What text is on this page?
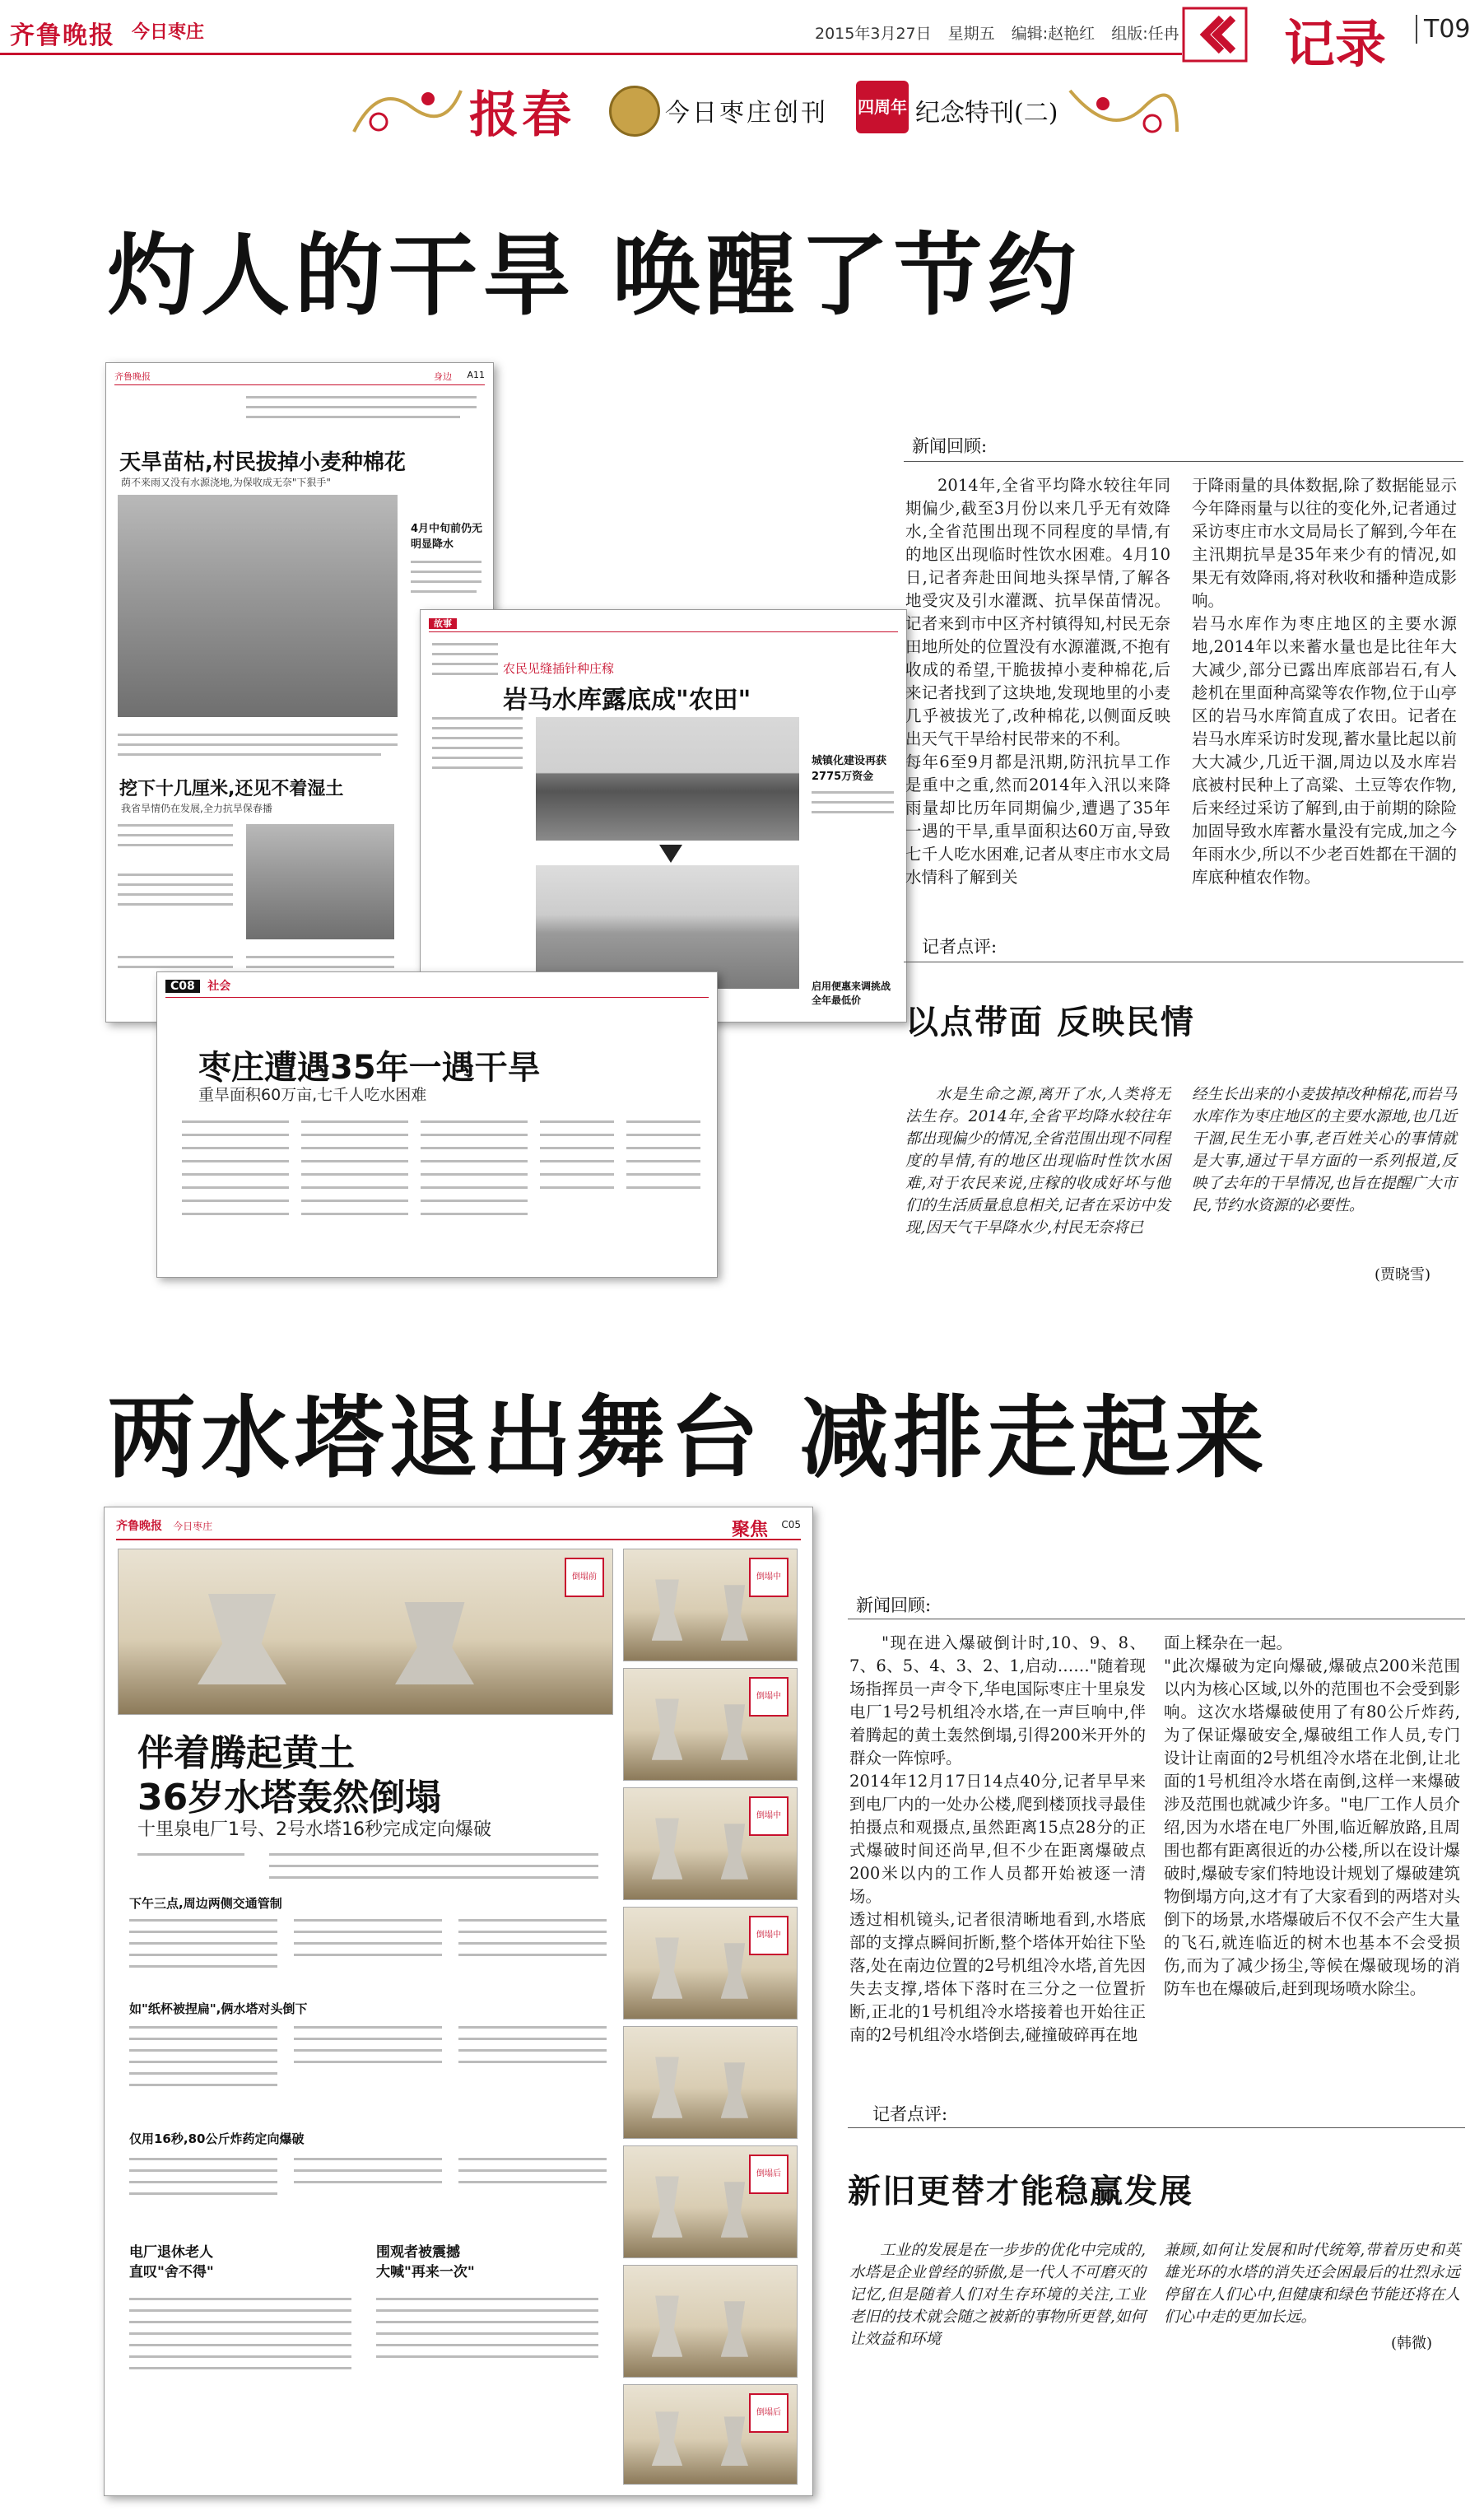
齐鲁晚报 今日枣庄	2015年3月27日 星期五 编辑:赵艳红 组版:任冉 记录	T09
报春	今日枣庄创刊 四周年 纪念特刊(二)
灼人的干旱 唤醒了节约
齐鲁晚报	身边 A11
天旱苗枯,村民拔掉小麦种棉花
荫不来雨又没有水源浇地,为保收成无奈"下狠手"
4月中旬前仍无明显降水
挖下十几厘米,还见不着湿土
我省旱情仍在发展,全力抗旱保春播
故事
农民见缝插针种庄稼
岩马水库露底成"农田"
城镇化建设再获2775万资金
启用便惠来调挑战全年最低价
C08 社会
枣庄遭遇35年一遇干旱
重旱面积60万亩,七千人吃水困难
新闻回顾:
2014年,全省平均降水较往年同期偏少,截至3月份以来几乎无有效降水,全省范围出现不同程度的旱情,有的地区出现临时性饮水困难。4月10日,记者奔赴田间地头探旱情,了解各地受灾及引水灌溉、抗旱保苗情况。记者来到市中区齐村镇得知,村民无奈田地所处的位置没有水源灌溉,不抱有收成的希望,干脆拔掉小麦种棉花,后来记者找到了这块地,发现地里的小麦几乎被拔光了,改种棉花,以侧面反映出天气干旱给村民带来的不利。
每年6至9月都是汛期,防汛抗旱工作是重中之重,然而2014年入汛以来降雨量却比历年同期偏少,遭遇了35年一遇的干旱,重旱面积达60万亩,导致七千人吃水困难,记者从枣庄市水文局水情科了解到关
于降雨量的具体数据,除了数据能显示今年降雨量与以往的变化外,记者通过采访枣庄市水文局局长了解到,今年在主汛期抗旱是35年来少有的情况,如果无有效降雨,将对秋收和播种造成影响。
岩马水库作为枣庄地区的主要水源地,2014年以来蓄水量也是比往年大大减少,部分已露出库底部岩石,有人趁机在里面种高粱等农作物,位于山亭区的岩马水库简直成了农田。记者在岩马水库采访时发现,蓄水量比起以前大大减少,几近干涸,周边以及水库岩底被村民种上了高粱、土豆等农作物,后来经过采访了解到,由于前期的除险加固导致水库蓄水量没有完成,加之今年雨水少,所以不少老百姓都在干涸的库底种植农作物。
记者点评:
以点带面 反映民情
水是生命之源,离开了水,人类将无法生存。2014年,全省平均降水较往年都出现偏少的情况,全省范围出现不同程度的旱情,有的地区出现临时性饮水困难,对于农民来说,庄稼的收成好坏与他们的生活质量息息相关,记者在采访中发现,因天气干旱降水少,村民无奈将已
经生长出来的小麦拔掉改种棉花,而岩马水库作为枣庄地区的主要水源地,也几近干涸,民生无小事,老百姓关心的事情就是大事,通过干旱方面的一系列报道,反映了去年的干旱情况,也旨在提醒广大市民,节约水资源的必要性。
(贾晓雪)
两水塔退出舞台 减排走起来
齐鲁晚报 今日枣庄	聚焦 C05
倒塌前	倒塌中
倒塌中
倒塌中
倒塌中
倒塌后
倒塌后
伴着腾起黄土
36岁水塔轰然倒塌
十里泉电厂1号、2号水塔16秒完成定向爆破
下午三点,周边两侧交通管制
如"纸杯被捏扁",俩水塔对头倒下
仅用16秒,80公斤炸药定向爆破
电厂退休老人
直叹"舍不得"
围观者被震撼
大喊"再来一次"
新闻回顾:
"现在进入爆破倒计时,10、9、8、7、6、5、4、3、2、1,启动……"随着现场指挥员一声令下,华电国际枣庄十里泉发电厂1号2号机组冷水塔,在一声巨响中,伴着腾起的黄土轰然倒塌,引得200米开外的群众一阵惊呼。
2014年12月17日14点40分,记者早早来到电厂内的一处办公楼,爬到楼顶找寻最佳拍摄点和观摄点,虽然距离15点28分的正式爆破时间还尚早,但不少在距离爆破点200米以内的工作人员都开始被逐一清场。
透过相机镜头,记者很清晰地看到,水塔底部的支撑点瞬间折断,整个塔体开始往下坠落,处在南边位置的2号机组冷水塔,首先因失去支撑,塔体下落时在三分之一位置折断,正北的1号机组冷水塔接着也开始往正南的2号机组冷水塔倒去,碰撞破碎再在地
面上糅杂在一起。
"此次爆破为定向爆破,爆破点200米范围以内为核心区域,以外的范围也不会受到影响。这次水塔爆破使用了有80公斤炸药,为了保证爆破安全,爆破组工作人员,专门设计让南面的2号机组冷水塔在北倒,让北面的1号机组冷水塔在南倒,这样一来爆破涉及范围也就减少许多。"电厂工作人员介绍,因为水塔在电厂外围,临近解放路,且周围也都有距离很近的办公楼,所以在设计爆破时,爆破专家们特地设计规划了爆破建筑物倒塌方向,这才有了大家看到的两塔对头倒下的场景,水塔爆破后不仅不会产生大量的飞石,就连临近的树木也基本不会受损伤,而为了减少扬尘,等候在爆破现场的消防车也在爆破后,赶到现场喷水除尘。
记者点评:
新旧更替才能稳赢发展
工业的发展是在一步步的优化中完成的,水塔是企业曾经的骄傲,是一代人不可磨灭的记忆,但是随着人们对生存环境的关注,工业老旧的技术就会随之被新的事物所更替,如何让效益和环境
兼顾,如何让发展和时代统筹,带着历史和英雄光环的水塔的消失还会困最后的壮烈永远停留在人们心中,但健康和绿色节能还将在人们心中走的更加长远。
(韩微)
